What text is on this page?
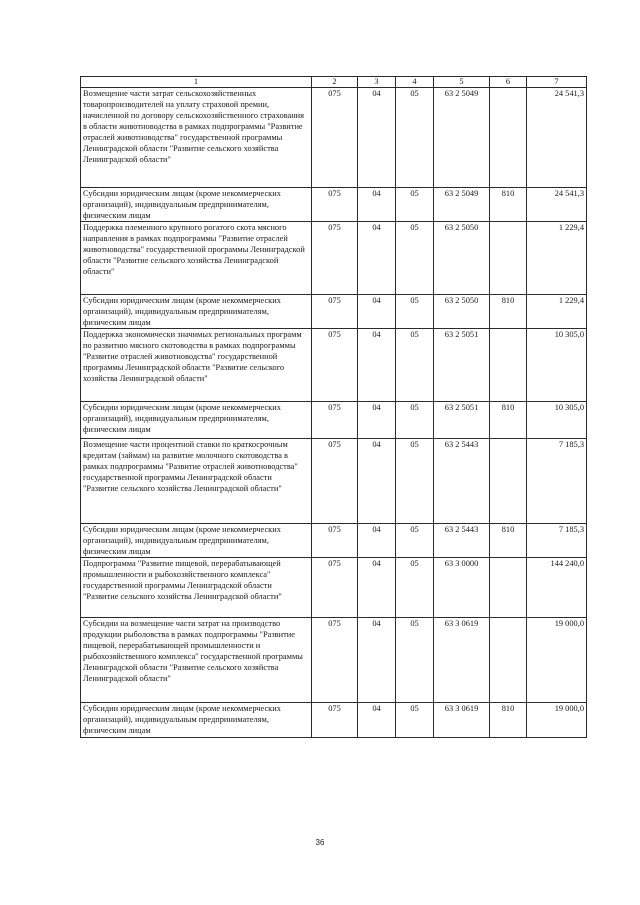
1	2	3	4	5	6	7
Возмещение части затрат сельскохозяйственных товаропроизводителей на уплату страховой премии, начисленной по договору сельскохозяйственного страхования в области животноводства в рамках подпрограммы "Развитие отраслей животноводства" государственной программы Ленинградской области "Развитие сельского хозяйства Ленинградской области"	075	04	05	63 2 5049		24 541,3
Субсидии юридическим лицам (кроме некоммерческих организаций), индивидуальным предпринимателям, физическим лицам	075	04	05	63 2 5049	810	24 541,3
Поддержка племенного крупного рогатого скота мясного направления в рамках подпрограммы "Развитие отраслей животноводства" государственной программы Ленинградской области "Развитие сельского хозяйства Ленинградской области"	075	04	05	63 2 5050		1 229,4
Субсидии юридическим лицам (кроме некоммерческих организаций), индивидуальным предпринимателям, физическим лицам	075	04	05	63 2 5050	810	1 229,4
Поддержка экономически значимых региональных программ по развитию мясного скотоводства в рамках подпрограммы "Развитие отраслей животноводства" государственной программы Ленинградской области "Развитие сельского хозяйства Ленинградской области"	075	04	05	63 2 5051		10 305,0
Субсидии юридическим лицам (кроме некоммерческих организаций), индивидуальным предпринимателям, физическим лицам	075	04	05	63 2 5051	810	10 305,0
Возмещение части процентной ставки по краткосрочным кредитам (займам) на развитие молочного скотоводства в рамках подпрограммы "Развитие отраслей животноводства" государственной программы Ленинградской области "Развитие сельского хозяйства Ленинградской области"	075	04	05	63 2 5443		7 185,3
Субсидии юридическим лицам (кроме некоммерческих организаций), индивидуальным предпринимателям, физическим лицам	075	04	05	63 2 5443	810	7 185,3
Подпрограмма "Развитие пищевой, перерабатывающей промышленности и рыбохозяйственного комплекса" государственной программы Ленинградской области "Развитие сельского хозяйства Ленинградской области"	075	04	05	63 3 0000		144 240,0
Субсидии на возмещение части затрат на производство продукции рыболовства в рамках подпрограммы "Развитие пищевой, перерабатывающей промышленности и рыбохозяйственного комплекса" государственной программы Ленинградской области "Развитие сельского хозяйства Ленинградской области"	075	04	05	63 3 0619		19 000,0
Субсидии юридическим лицам (кроме некоммерческих организаций), индивидуальным предпринимателям, физическим лицам	075	04	05	63 3 0619	810	19 000,0
36
